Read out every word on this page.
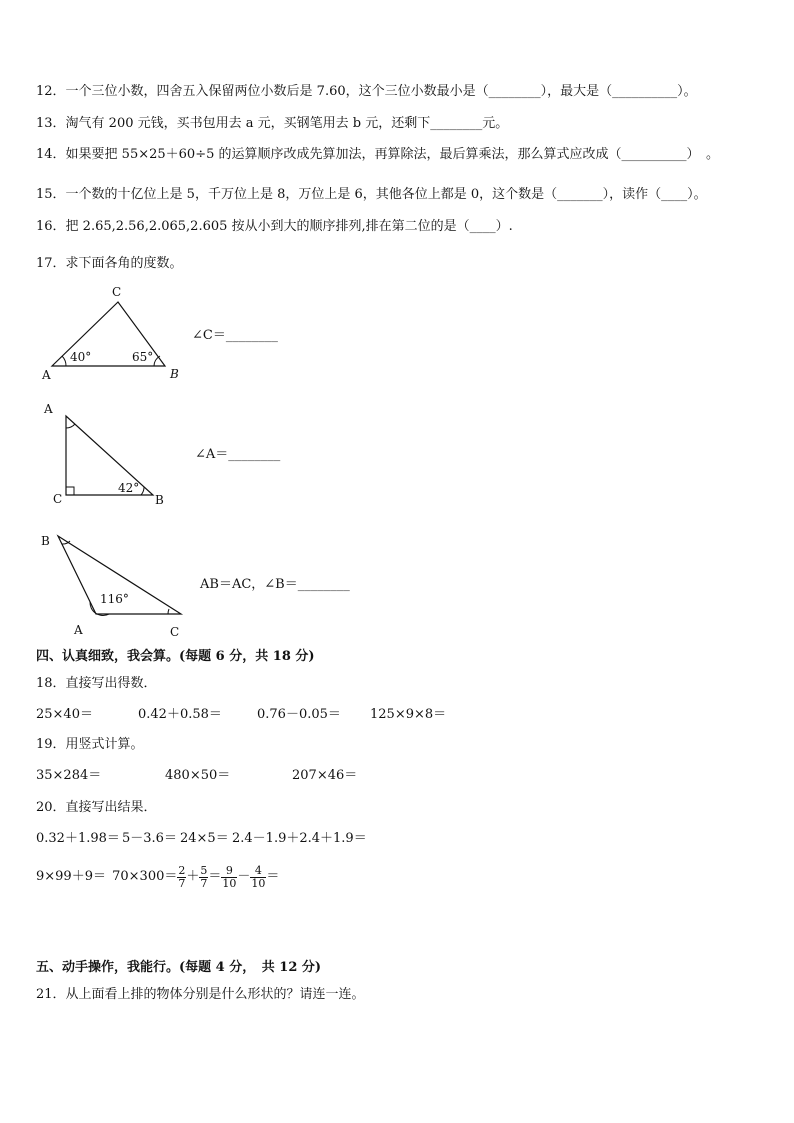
12．一个三位小数，四舍五入保留两位小数后是 7.60，这个三位小数最小是（________），最大是（__________）。
13．淘气有 200 元钱，买书包用去 a 元，买钢笔用去 b 元，还剩下________元。
14．如果要把 55×25＋60÷5 的运算顺序改成先算加法，再算除法，最后算乘法，那么算式应改成（__________）　。
15．一个数的十亿位上是 5，千万位上是 8，万位上是 6，其他各位上都是 0，这个数是（_______），读作（____）。
16．把 2.65,2.56,2.065,2.605 按从小到大的顺序排列,排在第二位的是（____）.
17．求下面各角的度数。
A	B
C
40°	65°
∠C＝________
A
C	B
42°
∠A＝________
B
A	C
116°
AB＝AC，∠B＝________
四、认真细致，我会算。(每题 6 分，共 18 分)
18．直接写出得数．
25×40＝	0.42＋0.58＝	0.76－0.05＝ 125×9×8＝
19．用竖式计算。
35×284＝	480×50＝	207×46＝
20．直接写出结果．
0.32＋1.98＝ 5－3.6＝ 24×5＝ 2.4－1.9＋2.4＋1.9＝
$9\times 99+9= 70\times 300= \frac{2}{7} + \frac{5}{7} = \frac{9}{10} - \frac{4}{10}$ ＝
五、动手操作，我能行。(每题 4 分，　共 12 分)
21．从上面看上排的物体分别是什么形状的？请连一连。
